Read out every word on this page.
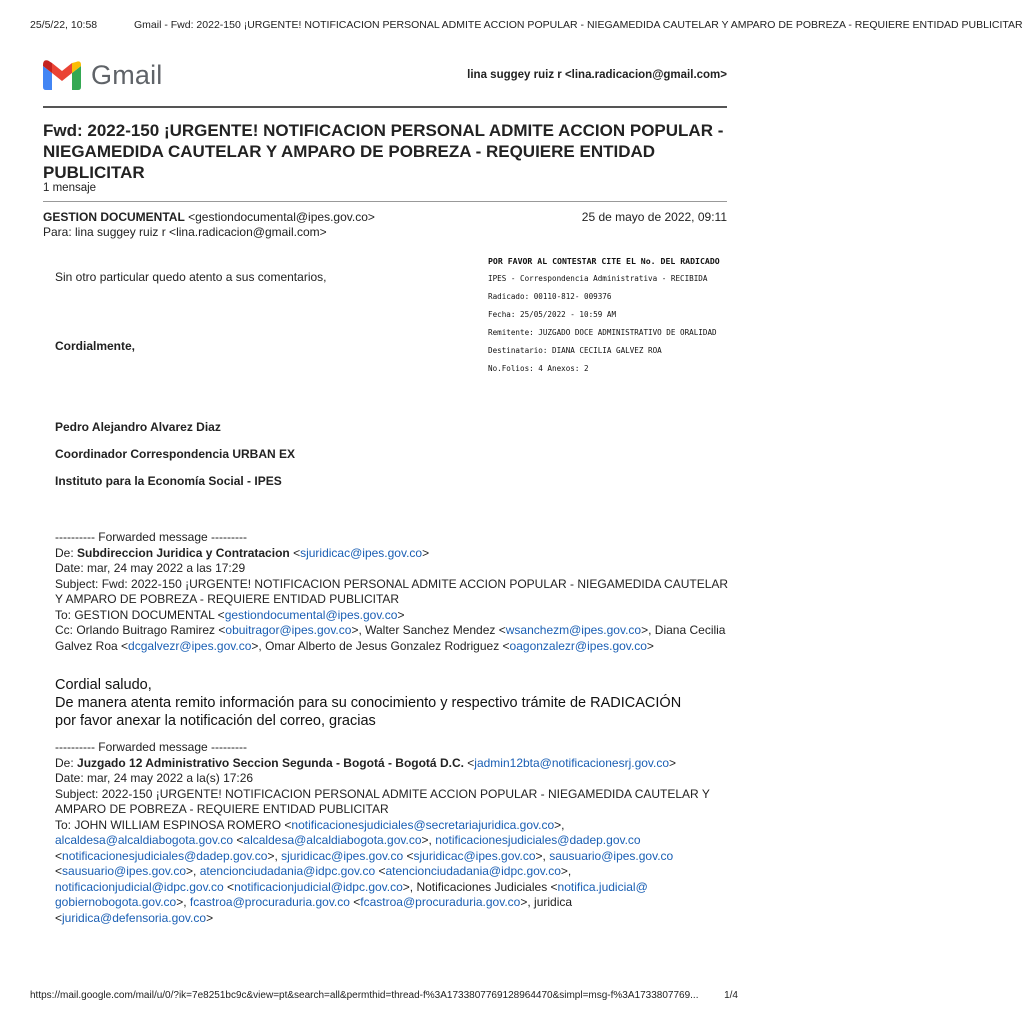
25/5/22, 10:58	Gmail - Fwd: 2022-150 ¡URGENTE! NOTIFICACION PERSONAL ADMITE ACCION POPULAR - NIEGAMEDIDA CAUTELAR Y AMPARO DE POBREZA - REQUIERE ENTIDAD PUBLICITAR
Gmail	lina suggey ruiz r <lina.radicacion@gmail.com>
Fwd: 2022-150 ¡URGENTE! NOTIFICACION PERSONAL ADMITE ACCION POPULAR - NIEGAMEDIDA CAUTELAR Y AMPARO DE POBREZA - REQUIERE ENTIDAD PUBLICITAR
1 mensaje
GESTION DOCUMENTAL <gestiondocumental@ipes.gov.co>
Para: lina suggey ruiz r <lina.radicacion@gmail.com>
25 de mayo de 2022, 09:11
POR FAVOR AL CONTESTAR CITE EL No. DEL RADICADO
IPES - Correspondencia Administrativa - RECIBIDA
Radicado: 00110-812- 009376
Fecha: 25/05/2022 - 10:59 AM
Remitente: JUZGADO DOCE ADMINISTRATIVO DE ORALIDAD
Destinatario: DIANA CECILIA GALVEZ ROA
No.Folios: 4 Anexos: 2
Sin otro particular quedo atento a sus comentarios,
Cordialmente,
Pedro Alejandro Alvarez Diaz
Coordinador Correspondencia URBAN EX
Instituto para la Economía Social - IPES
---------- Forwarded message ---------
De: Subdireccion Juridica y Contratacion <sjuridicac@ipes.gov.co>
Date: mar, 24 may 2022 a las 17:29
Subject: Fwd: 2022-150 ¡URGENTE! NOTIFICACION PERSONAL ADMITE ACCION POPULAR - NIEGAMEDIDA CAUTELAR Y AMPARO DE POBREZA - REQUIERE ENTIDAD PUBLICITAR
To: GESTION DOCUMENTAL <gestiondocumental@ipes.gov.co>
Cc: Orlando Buitrago Ramirez <obuitragor@ipes.gov.co>, Walter Sanchez Mendez <wsanchezm@ipes.gov.co>, Diana Cecilia Galvez Roa <dcgalvezr@ipes.gov.co>, Omar Alberto de Jesus Gonzalez Rodriguez <oagonzalezr@ipes.gov.co>
Cordial saludo,
De manera atenta remito información para su conocimiento y respectivo trámite de RADICACIÓN
por favor anexar la notificación del correo, gracias
---------- Forwarded message ---------
De: Juzgado 12 Administrativo Seccion Segunda - Bogotá - Bogotá D.C. <jadmin12bta@notificacionesrj.gov.co>
Date: mar, 24 may 2022 a la(s) 17:26
Subject: 2022-150 ¡URGENTE! NOTIFICACION PERSONAL ADMITE ACCION POPULAR - NIEGAMEDIDA CAUTELAR Y AMPARO DE POBREZA - REQUIERE ENTIDAD PUBLICITAR
To: JOHN WILLIAM ESPINOSA ROMERO <notificacionesjudiciales@secretariajuridica.gov.co>, alcaldesa@alcaldiabogota.gov.co <alcaldesa@alcaldiabogota.gov.co>, notificacionesjudiciales@dadep.gov.co <notificacionesjudiciales@dadep.gov.co>, sjuridicac@ipes.gov.co <sjuridicac@ipes.gov.co>, sausuario@ipes.gov.co <sausuario@ipes.gov.co>, atencionciudadania@idpc.gov.co <atencionciudadania@idpc.gov.co>, notificacionjudicial@idpc.gov.co <notificacionjudicial@idpc.gov.co>, Notificaciones Judiciales <notifica.judicial@
gobiernobogota.gov.co>, fcastroa@procuraduria.gov.co <fcastroa@procuraduria.gov.co>, juridica
<juridica@defensoria.gov.co>
https://mail.google.com/mail/u/0/?ik=7e8251bc9c&view=pt&search=all&permthid=thread-f%3A1733807769128964470&simpl=msg-f%3A1733807769...	1/4
